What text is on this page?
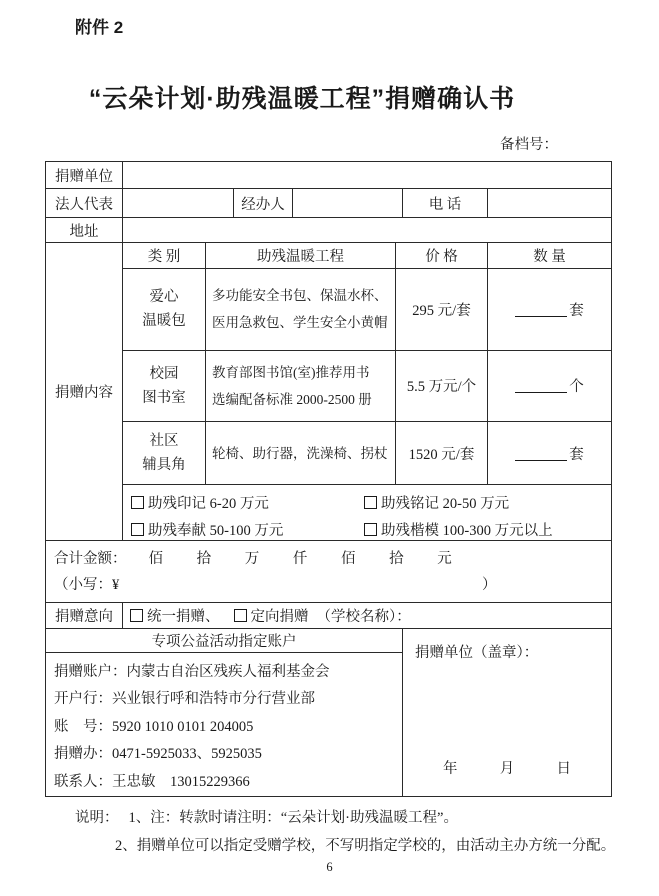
附件 2
“云朵计划·助残温暖工程”捐赠确认书
备档号：
捐赠单位
法人代表	经办人	电 话
地址
捐赠内容
类 别	助残温暖工程	价 格	数 量
爱心
温暖包
多功能安全书包、保温水杯、医用急救包、学生安全小黄帽
295 元/套	套
校园
图书室
教育部图书馆(室)推荐用书
选编配备标准 2000-2500 册
5.5 万元/个	个
社区
辅具角
轮椅、助行器，洗澡椅、拐杖	1520 元/套	套
助残印记 6-20 万元	助残铭记 20-50 万元
助残奉献 50-100 万元	助残楷模 100-300 万元以上
合计金额： 佰 拾 万 仟 佰 拾 元
（小写：¥	）
捐赠意向	统一捐赠、	定向捐赠 （学校名称）：
专项公益活动指定账户
捐赠账户：内蒙古自治区残疾人福利基金会
开户行：兴业银行呼和浩特市分行营业部
账　号：5920 1010 0101 204005
捐赠办：0471-5925033、5925035
联系人：王忠敏　13015229366
捐赠单位（盖章）：
年	月	日
说明： 1、注：转款时请注明：“云朵计划·助残温暖工程”。
2、捐赠单位可以指定受赠学校，不写明指定学校的，由活动主办方统一分配。
6
